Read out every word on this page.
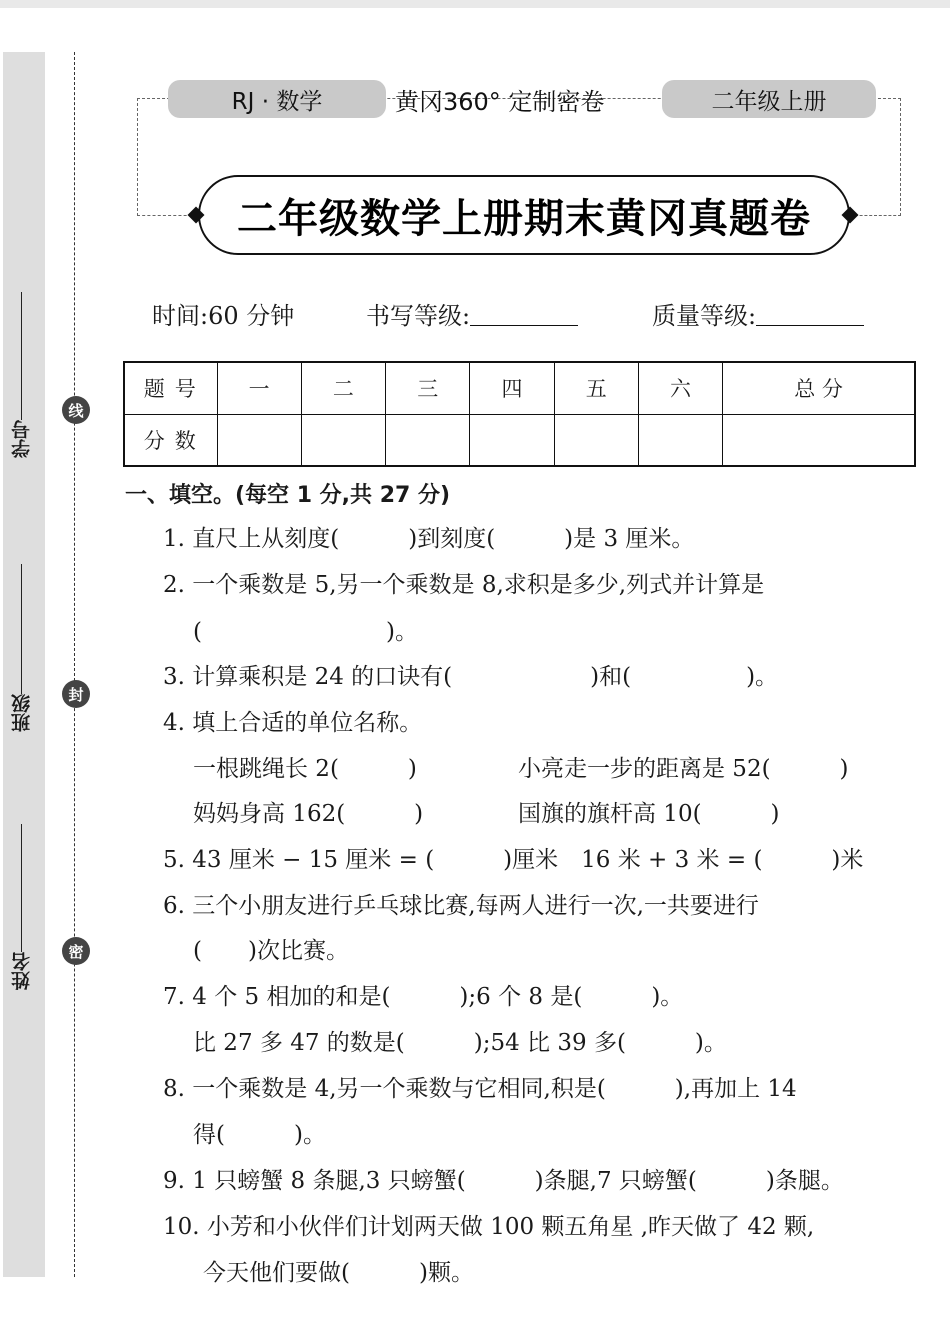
学号
班级
姓名
线
封
密
RJ · 数学	黄冈360° 定制密卷	二年级上册
二年级数学上册期末黄冈真题卷
时间:60 分钟	书写等级:	质量等级:
题号	一	二	三	四	五	六	总 分
分数							
一、填空。(每空 1 分,共 27 分)
1. 直尺上从刻度(　　　)到刻度(　　　)是 3 厘米。
2. 一个乘数是 5,另一个乘数是 8,求积是多少,列式并计算是
(　　　　　　　　)。
3. 计算乘积是 24 的口诀有(　　　　　　)和(　　　　　)。
4. 填上合适的单位名称。
一根跳绳长 2(　　　)	小亮走一步的距离是 52(　　　)
妈妈身高 162(　　　)	国旗的旗杆高 10(　　　)
5. 43 厘米 − 15 厘米 = (　　　)厘米　16 米 + 3 米 = (　　　)米
6. 三个小朋友进行乒乓球比赛,每两人进行一次,一共要进行
(　　)次比赛。
7. 4 个 5 相加的和是(　　　);6 个 8 是(　　　)。
比 27 多 47 的数是(　　　);54 比 39 多(　　　)。
8. 一个乘数是 4,另一个乘数与它相同,积是(　　　),再加上 14
得(　　　)。
9. 1 只螃蟹 8 条腿,3 只螃蟹(　　　)条腿,7 只螃蟹(　　　)条腿。
10. 小芳和小伙伴们计划两天做 100 颗五角星 ,昨天做了 42 颗,
今天他们要做(　　　)颗。
